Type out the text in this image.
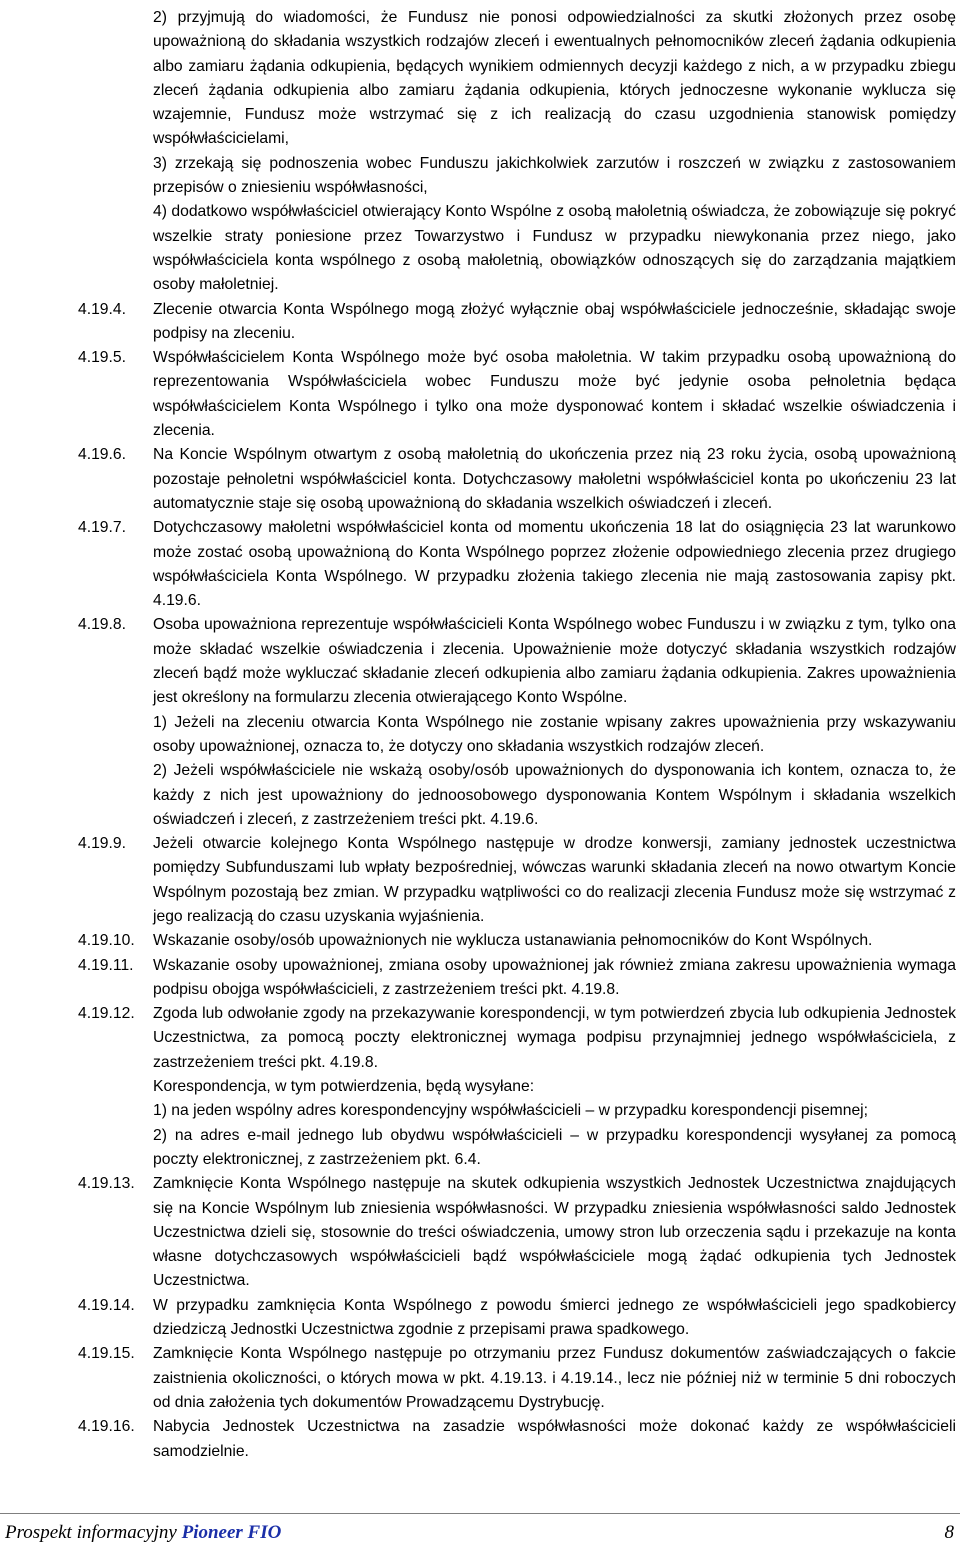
2) przyjmują do wiadomości, że Fundusz nie ponosi odpowiedzialności za skutki złożonych przez osobę upoważnioną do składania wszystkich rodzajów zleceń i ewentualnych pełnomocników zleceń żądania odkupienia albo zamiaru żądania odkupienia, będących wynikiem odmiennych decyzji każdego z nich, a w przypadku zbiegu zleceń żądania odkupienia albo zamiaru żądania odkupienia, których jednoczesne wykonanie wyklucza się wzajemnie, Fundusz może wstrzymać się z ich realizacją do czasu uzgodnienia stanowisk pomiędzy współwłaścicielami,
3) zrzekają się podnoszenia wobec Funduszu jakichkolwiek zarzutów i roszczeń w związku z zastosowaniem przepisów o zniesieniu współwłasności,
4) dodatkowo współwłaściciel otwierający Konto Wspólne z osobą małoletnią oświadcza, że zobowiązuje się pokryć wszelkie straty poniesione przez Towarzystwo i Fundusz w przypadku niewykonania przez niego, jako współwłaściciela konta wspólnego z osobą małoletnią, obowiązków odnoszących się do zarządzania majątkiem osoby małoletniej.
4.19.4.	Zlecenie otwarcia Konta Wspólnego mogą złożyć wyłącznie obaj współwłaściciele jednocześnie, składając swoje podpisy na zleceniu.
4.19.5.	Współwłaścicielem Konta Wspólnego może być osoba małoletnia. W takim przypadku osobą upoważnioną do reprezentowania Współwłaściciela wobec Funduszu może być jedynie osoba pełnoletnia będąca współwłaścicielem Konta Wspólnego i tylko ona może dysponować kontem i składać wszelkie oświadczenia i zlecenia.
4.19.6.	Na Koncie Wspólnym otwartym z osobą małoletnią do ukończenia przez nią 23 roku życia, osobą upoważnioną pozostaje pełnoletni współwłaściciel konta. Dotychczasowy małoletni współwłaściciel konta po ukończeniu 23 lat automatycznie staje się osobą upoważnioną do składania wszelkich oświadczeń i zleceń.
4.19.7.	Dotychczasowy małoletni współwłaściciel konta od momentu ukończenia 18 lat do osiągnięcia 23 lat warunkowo może zostać osobą upoważnioną do Konta Wspólnego poprzez złożenie odpowiedniego zlecenia przez drugiego współwłaściciela Konta Wspólnego. W przypadku złożenia takiego zlecenia nie mają zastosowania zapisy pkt. 4.19.6.
4.19.8.	Osoba upoważniona reprezentuje współwłaścicieli Konta Wspólnego wobec Funduszu i w związku z tym, tylko ona może składać wszelkie oświadczenia i zlecenia. Upoważnienie może dotyczyć składania wszystkich rodzajów zleceń bądź może wykluczać składanie zleceń odkupienia albo zamiaru żądania odkupienia. Zakres upoważnienia jest określony na formularzu zlecenia otwierającego Konto Wspólne.
1) Jeżeli na zleceniu otwarcia Konta Wspólnego nie zostanie wpisany zakres upoważnienia przy wskazywaniu osoby upoważnionej, oznacza to, że dotyczy ono składania wszystkich rodzajów zleceń.
2) Jeżeli współwłaściciele nie wskażą osoby/osób upoważnionych do dysponowania ich kontem, oznacza to, że każdy z nich jest upoważniony do jednoosobowego dysponowania Kontem Wspólnym i składania wszelkich oświadczeń i zleceń, z zastrzeżeniem treści pkt. 4.19.6.
4.19.9.	Jeżeli otwarcie kolejnego Konta Wspólnego następuje w drodze konwersji, zamiany jednostek uczestnictwa pomiędzy Subfunduszami lub wpłaty bezpośredniej, wówczas warunki składania zleceń na nowo otwartym Koncie Wspólnym pozostają bez zmian. W przypadku wątpliwości co do realizacji zlecenia Fundusz może się wstrzymać z jego realizacją do czasu uzyskania wyjaśnienia.
4.19.10.	Wskazanie osoby/osób upoważnionych nie wyklucza ustanawiania pełnomocników do Kont Wspólnych.
4.19.11.	Wskazanie osoby upoważnionej, zmiana osoby upoważnionej jak również zmiana zakresu upoważnienia wymaga podpisu obojga współwłaścicieli, z zastrzeżeniem treści pkt. 4.19.8.
4.19.12.	Zgoda lub odwołanie zgody na przekazywanie korespondencji, w tym potwierdzeń zbycia lub odkupienia Jednostek Uczestnictwa, za pomocą poczty elektronicznej wymaga podpisu przynajmniej jednego współwłaściciela, z zastrzeżeniem treści pkt. 4.19.8.
Korespondencja, w tym potwierdzenia, będą wysyłane:
1) na jeden wspólny adres korespondencyjny współwłaścicieli – w przypadku korespondencji pisemnej;
2) na adres e-mail jednego lub obydwu współwłaścicieli – w przypadku korespondencji wysyłanej za pomocą poczty elektronicznej, z zastrzeżeniem pkt. 6.4.
4.19.13.	Zamknięcie Konta Wspólnego następuje na skutek odkupienia wszystkich Jednostek Uczestnictwa znajdujących się na Koncie Wspólnym lub zniesienia współwłasności. W przypadku zniesienia współwłasności saldo Jednostek Uczestnictwa dzieli się, stosownie do treści oświadczenia, umowy stron lub orzeczenia sądu i przekazuje na konta własne dotychczasowych współwłaścicieli bądź współwłaściciele mogą żądać odkupienia tych Jednostek Uczestnictwa.
4.19.14.	W przypadku zamknięcia Konta Wspólnego z powodu śmierci jednego ze współwłaścicieli jego spadkobiercy dziedziczą Jednostki Uczestnictwa zgodnie z przepisami prawa spadkowego.
4.19.15.	Zamknięcie Konta Wspólnego następuje po otrzymaniu przez Fundusz dokumentów zaświadczających o fakcie zaistnienia okoliczności, o których mowa w pkt. 4.19.13. i 4.19.14., lecz nie później niż w terminie 5 dni roboczych od dnia założenia tych dokumentów Prowadzącemu Dystrybucję.
4.19.16.	Nabycia Jednostek Uczestnictwa na zasadzie współwłasności może dokonać każdy ze współwłaścicieli samodzielnie.
Prospekt informacyjny Pioneer FIO	8
